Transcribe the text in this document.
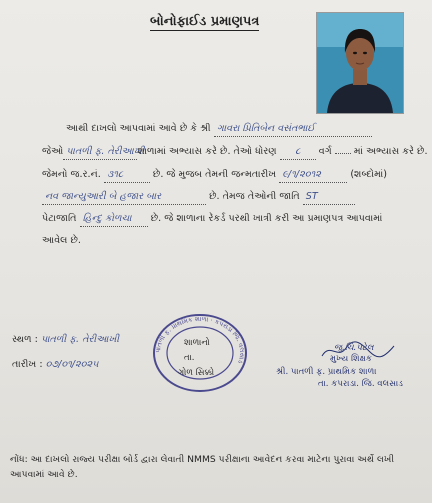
બોનોફાઈડ પ્રમાણપત્ર
આથી દાખલો આપવામાં આવે છે કે શ્રી ગાવરા પ્રિતિબેન વસંતભાઈ
જેઓ પાતળી ફ. તેરીઆખીશાળામાં અભ્યાસ કરે છે. તેઓ ધોરણ ૮ વર્ગ માં અભ્યાસ કરે છે.
જેમનો જ.ર.નં. ૩૧૮	છે. જે મુજબ તેમની જન્મતારીખ ૯/૧/૨૦૧૨	(શબ્દોમાં)
નવ જાન્યુઆરી બે હજાર બાર	છે. તેમજ તેઓની જાતિ ST
પેટાજાતિ હિન્દુ કોળચા છે. જે શાળાના રેકર્ડ પરથી ખાત્રી કરી આ પ્રમાણપત્ર આપવામાં
આવેલ છે.
સ્થળ : પાતળી ફ. તેરીઆખી
તારીખ : ૦૭/૦૧/૨૦૨૫
પાતળી ફ. પ્રાથમિક શાળા · કપરાડા જિ. વલસાડ
શાળાનો
તા.
ગોળ સિક્કો
જુ.ચિ.પટેલ
મુખ્ય શિક્ષક
શ્રી. પાતળી ફ. પ્રાથમિક શાળા
તા. કપરાડા. જિ. વલસાડ
નોંધ: આ દાખલો રાજ્ય પરીક્ષા બોર્ડ દ્વારા લેવાતી NMMS પરીક્ષાના આવેદન કરવા માટેના પુરાવા અર્થે લખી આપવામાં આવે છે.
